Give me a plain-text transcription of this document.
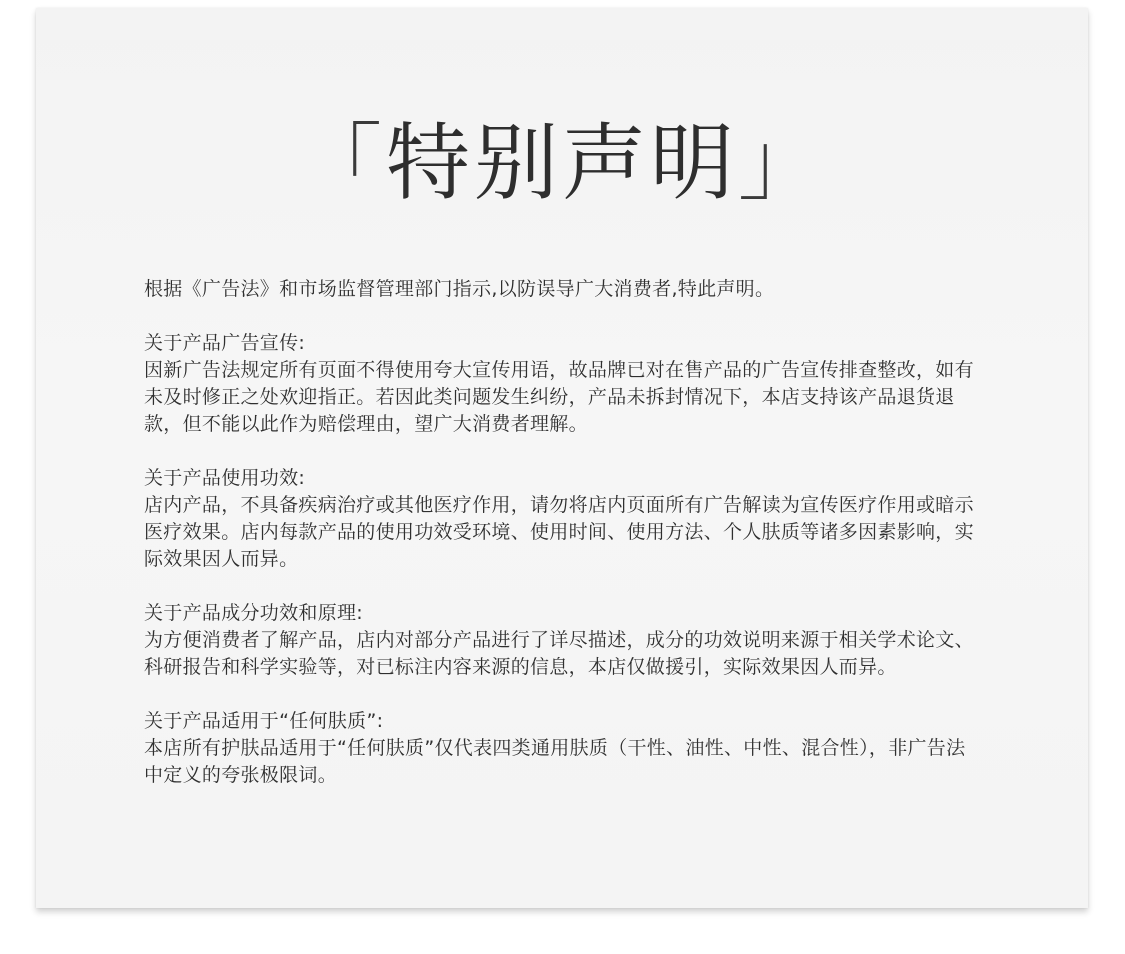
「特别声明」

根据《广告法》和市场监督管理部门指示,以防误导广大消费者,特此声明。

关于产品广告宣传:

因新广告法规定所有页面不得使用夸大宣传用语，故品牌已对在售产品的广告宣传排查整改，如有未及时修正之处欢迎指正。若因此类问题发生纠纷，产品未拆封情况下，本店支持该产品退货退款，但不能以此作为赔偿理由，望广大消费者理解。

关于产品使用功效:

店内产品，不具备疾病治疗或其他医疗作用，请勿将店内页面所有广告解读为宣传医疗作用或暗示医疗效果。店内每款产品的使用功效受环境、使用时间、使用方法、个人肤质等诸多因素影响，实际效果因人而异。

关于产品成分功效和原理:

为方便消费者了解产品，店内对部分产品进行了详尽描述，成分的功效说明来源于相关学术论文、科研报告和科学实验等，对已标注内容来源的信息，本店仅做援引，实际效果因人而异。

关于产品适用于“任何肤质”:

本店所有护肤品适用于“任何肤质”仅代表四类通用肤质（干性、油性、中性、混合性），非广告法中定义的夸张极限词。
